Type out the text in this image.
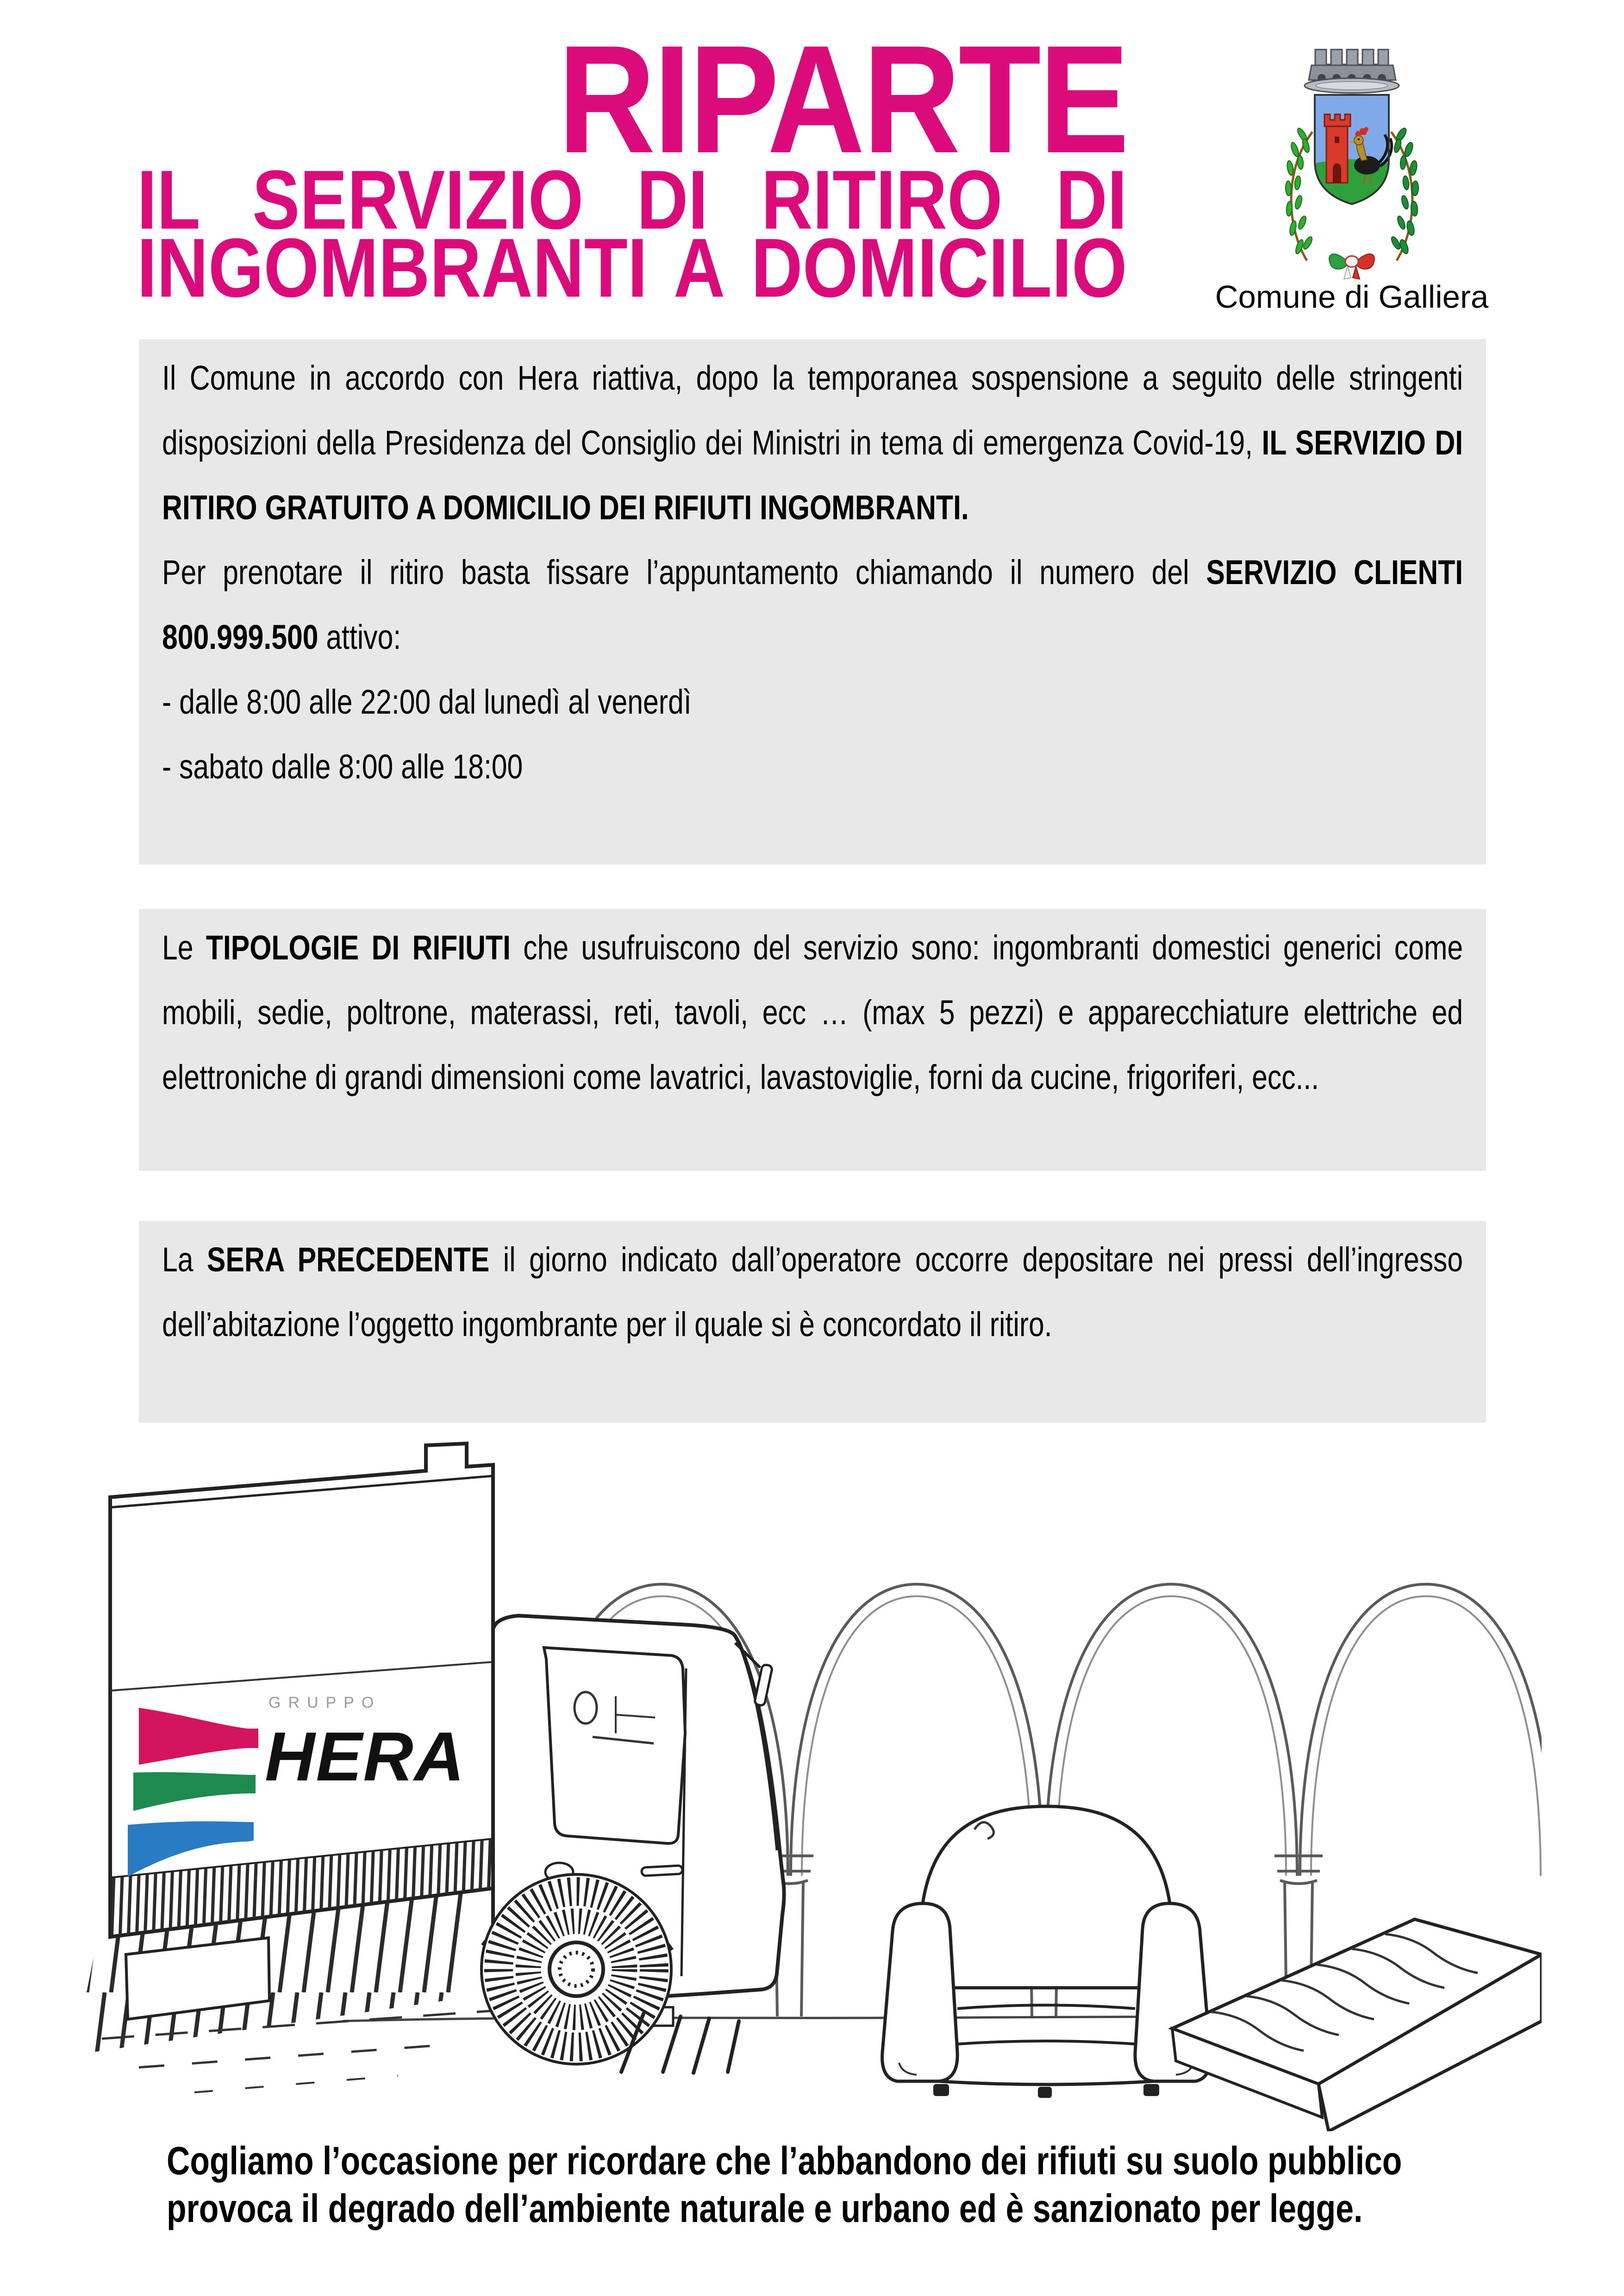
RIPARTE
IL SERVIZIO DI RITIRO DI
INGOMBRANTI A DOMICILIO	Comune di Galliera

Il Comune in accordo con Hera riattiva, dopo la temporanea sospensione a seguito delle stringenti disposizioni della Presidenza del Consiglio dei Ministri in tema di emergenza Covid-19, IL SERVIZIO DI RITIRO GRATUITO A DOMICILIO DEI RIFIUTI INGOMBRANTI.

Per prenotare il ritiro basta fissare l’appuntamento chiamando il numero del SERVIZIO CLIENTI 800.999.500 attivo:

- dalle 8:00 alle 22:00 dal lunedì al venerdì

- sabato dalle 8:00 alle 18:00

Le TIPOLOGIE DI RIFIUTI che usufruiscono del servizio sono: ingombranti domestici generici come mobili, sedie, poltrone, materassi, reti, tavoli, ecc … (max 5 pezzi) e apparecchiature elettriche ed elettroniche di grandi dimensioni come lavatrici, lavastoviglie, forni da cucine, frigoriferi, ecc...

La SERA PRECEDENTE il giorno indicato dall’operatore occorre depositare nei pressi dell’ingresso dell’abitazione l’oggetto ingombrante per il quale si è concordato il ritiro.

GRUPPO
HERA
Cogliamo l’occasione per ricordare che l’abbandono dei rifiuti su suolo pubblico
provoca il degrado dell’ambiente naturale e urbano ed è sanzionato per legge.
